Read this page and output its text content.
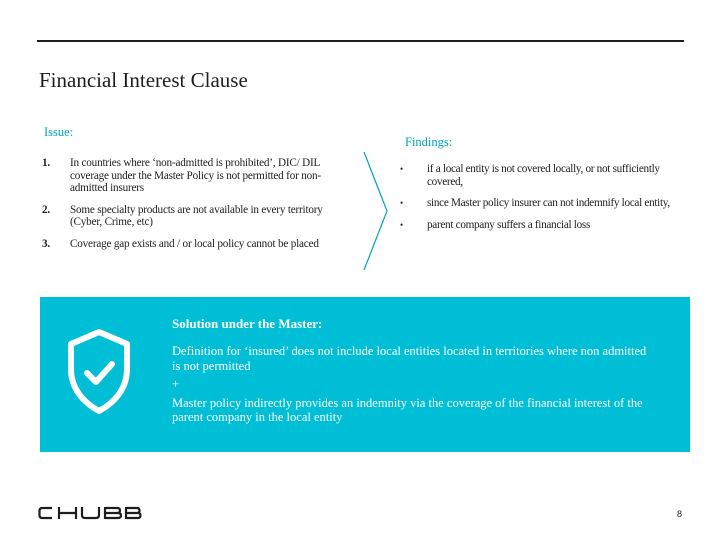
Financial Interest Clause
Issue:
1.	In countries where ‘non-admitted is prohibited’, DIC/ DIL coverage under the Master Policy is not permitted for non-admitted insurers
2.	Some specialty products are not available in every territory (Cyber, Crime, etc)
3.	Coverage gap exists and / or local policy cannot be placed
Findings:
•	if a local entity is not covered locally, or not sufficiently covered,
•	since Master policy insurer can not indemnify local entity,
•	parent company suffers a financial loss
Solution under the Master:
Definition for ‘insured’ does not include local entities located in territories where non admitted is not permitted
+
Master policy indirectly provides an indemnity via the coverage of the financial interest of the parent company in the local entity
8
